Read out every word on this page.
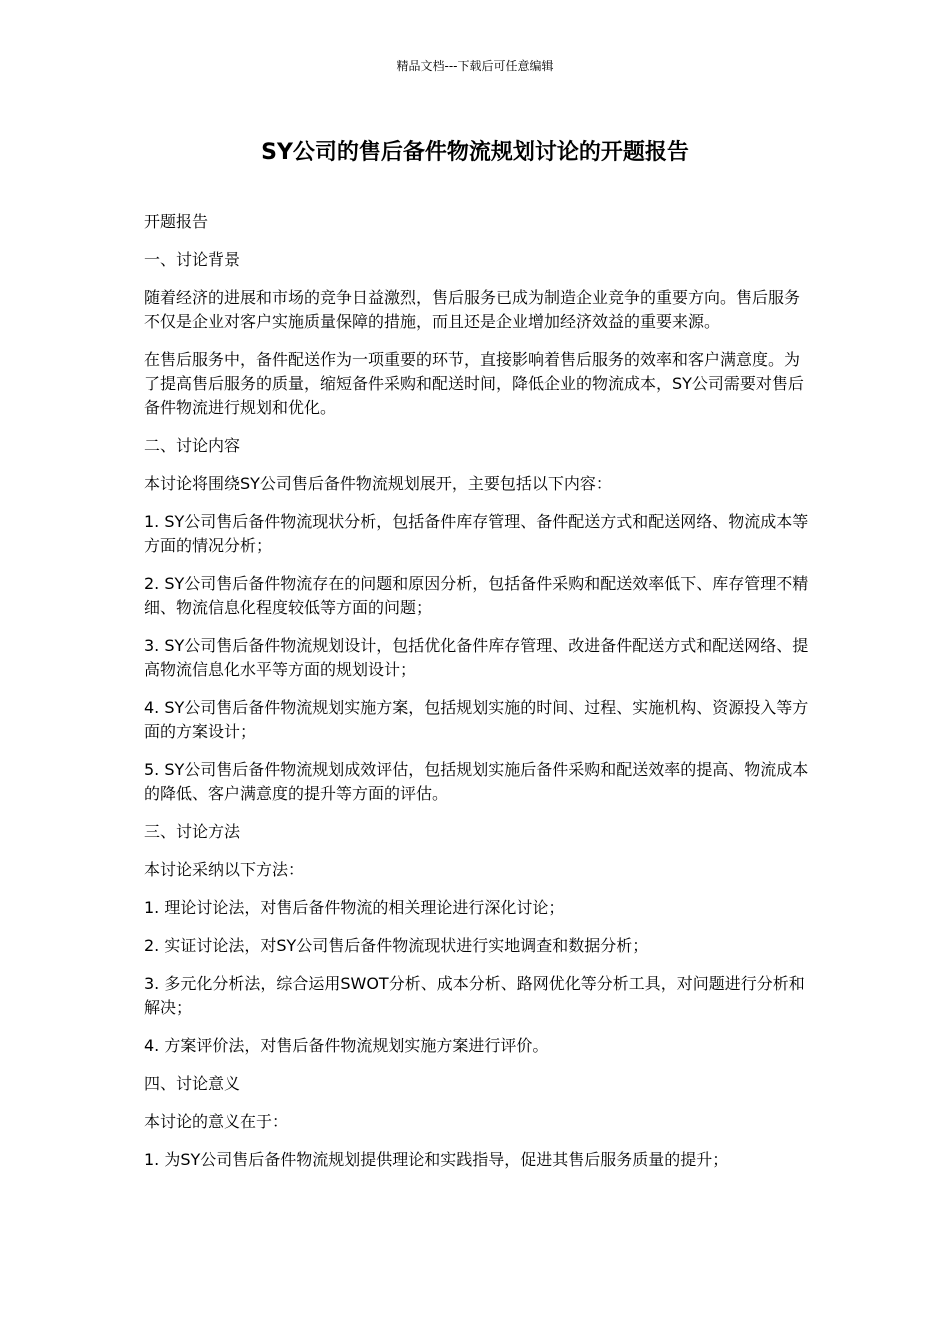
精品文档---下载后可任意编辑
SY公司的售后备件物流规划讨论的开题报告

开题报告

一、讨论背景

随着经济的进展和市场的竞争日益激烈，售后服务已成为制造企业竞争的重要方向。售后服务不仅是企业对客户实施质量保障的措施，而且还是企业增加经济效益的重要来源。

在售后服务中，备件配送作为一项重要的环节，直接影响着售后服务的效率和客户满意度。为了提高售后服务的质量，缩短备件采购和配送时间，降低企业的物流成本，SY公司需要对售后备件物流进行规划和优化。

二、讨论内容

本讨论将围绕SY公司售后备件物流规划展开，主要包括以下内容：

1. SY公司售后备件物流现状分析，包括备件库存管理、备件配送方式和配送网络、物流成本等方面的情况分析；

2. SY公司售后备件物流存在的问题和原因分析，包括备件采购和配送效率低下、库存管理不精细、物流信息化程度较低等方面的问题；

3. SY公司售后备件物流规划设计，包括优化备件库存管理、改进备件配送方式和配送网络、提高物流信息化水平等方面的规划设计；

4. SY公司售后备件物流规划实施方案，包括规划实施的时间、过程、实施机构、资源投入等方面的方案设计；

5. SY公司售后备件物流规划成效评估，包括规划实施后备件采购和配送效率的提高、物流成本的降低、客户满意度的提升等方面的评估。

三、讨论方法

本讨论采纳以下方法：

1. 理论讨论法，对售后备件物流的相关理论进行深化讨论；

2. 实证讨论法，对SY公司售后备件物流现状进行实地调查和数据分析；

3. 多元化分析法，综合运用SWOT分析、成本分析、路网优化等分析工具，对问题进行分析和解决；

4. 方案评价法，对售后备件物流规划实施方案进行评价。

四、讨论意义

本讨论的意义在于：

1. 为SY公司售后备件物流规划提供理论和实践指导，促进其售后服务质量的提升；
